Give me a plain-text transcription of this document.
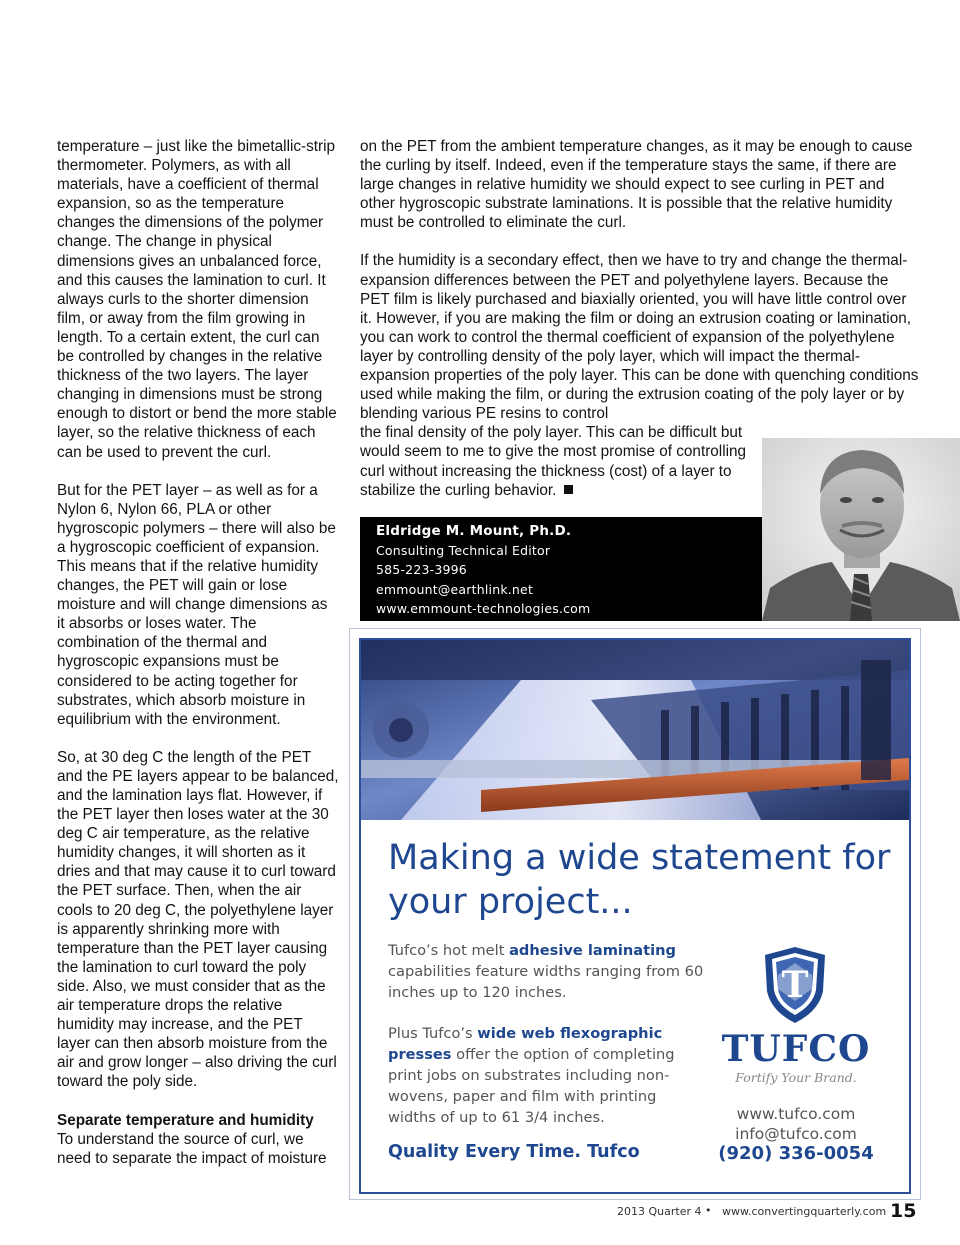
temperature – just like the bimetallic-strip thermometer. Polymers, as with all materials, have a coefficient of thermal expansion, so as the temperature changes the dimensions of the polymer change. The change in physical dimensions gives an unbalanced force, and this causes the lamination to curl. It always curls to the shorter dimension film, or away from the film growing in length. To a certain extent, the curl can be controlled by changes in the relative thickness of the two layers. The layer changing in dimensions must be strong enough to distort or bend the more stable layer, so the relative thickness of each can be used to prevent the curl.

But for the PET layer – as well as for a Nylon 6, Nylon 66, PLA or other hygroscopic polymers – there will also be a hygroscopic coefficient of expansion. This means that if the relative humidity changes, the PET will gain or lose moisture and will change dimensions as it absorbs or loses water. The combination of the thermal and hygroscopic expansions must be considered to be acting together for substrates, which absorb moisture in equilibrium with the environment.

So, at 30 deg C the length of the PET and the PE layers appear to be balanced, and the lamination lays flat. However, if the PET layer then loses water at the 30 deg C air temperature, as the relative humidity changes, it will shorten as it dries and that may cause it to curl toward the PET surface. Then, when the air cools to 20 deg C, the polyethylene layer is apparently shrinking more with temperature than the PET layer causing the lamination to curl toward the poly side. Also, we must consider that as the air temperature drops the relative humidity may increase, and the PET layer can then absorb moisture from the air and grow longer – also driving the curl toward the poly side.

Separate temperature and humidity
To understand the source of curl, we need to separate the impact of moisture

on the PET from the ambient temperature changes, as it may be enough to cause the curling by itself. Indeed, even if the temperature stays the same, if there are large changes in relative humidity we should expect to see curling in PET and other hygroscopic substrate laminations. It is possible that the relative humidity must be controlled to eliminate the curl.

If the humidity is a secondary effect, then we have to try and change the thermal-expansion differences between the PET and polyethylene layers. Because the PET film is likely purchased and biaxially oriented, you will have little control over it. However, if you are making the film or doing an extrusion coating or lamination, you can work to control the thermal coefficient of expansion of the polyethylene layer by controlling density of the poly layer, which will impact the thermal-expansion properties of the poly layer. This can be done with quenching conditions used while making the film, or during the extrusion coating of the poly layer or by blending various PE resins to control

the final density of the poly layer. This can be difficult but
would seem to me to give the most promise of controlling
curl without increasing the thickness (cost) of a layer to
stabilize the curling behavior.
Eldridge M. Mount, Ph.D.
Consulting Technical Editor
585-223-3996
emmount@earthlink.net
www.emmount-technologies.com
Making a wide statement for
your project...

Tufco’s hot melt adhesive laminating capabilities feature widths ranging from 60 inches up to 120 inches.

Plus Tufco’s wide web flexographic presses offer the option of completing print jobs on substrates including non-wovens, paper and film with printing widths of up to 61 3/4 inches.

Quality Every Time. Tufco
T
TUFCO
Fortify Your Brand.
www.tufco.com
info@tufco.com
(920) 336-0054
2013 Quarter 4 • www.convertingquarterly.com 15
